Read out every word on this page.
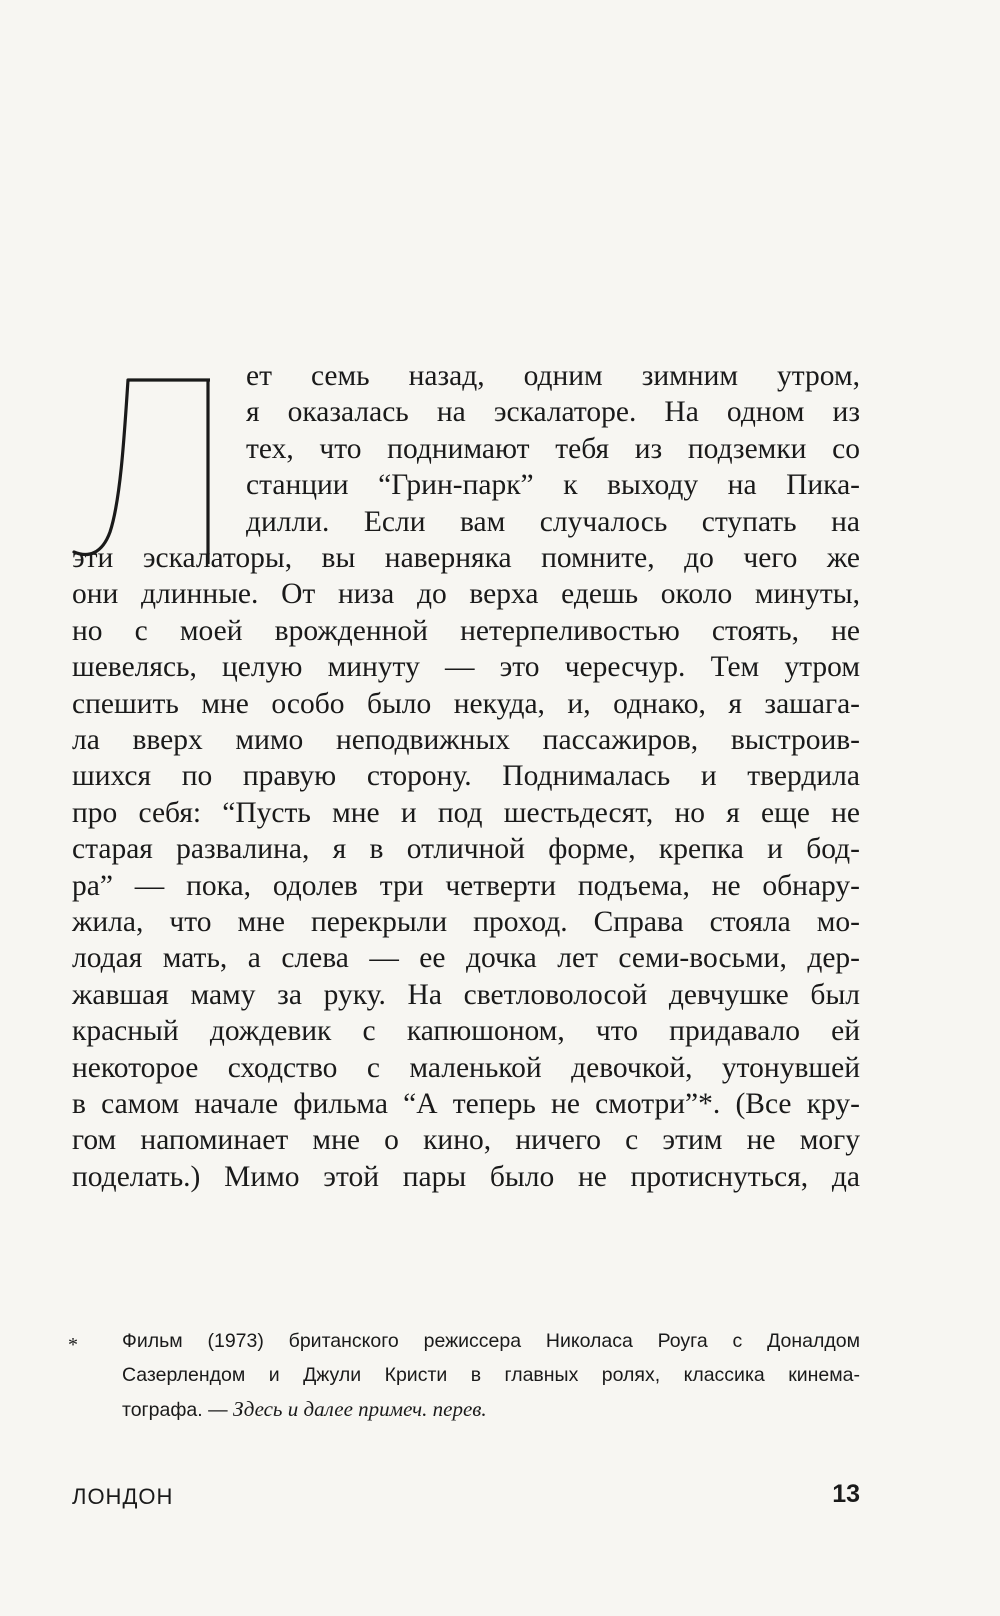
ет семь назад, одним зимним утром,
я оказалась на эскалаторе. На одном из
тех, что поднимают тебя из подземки со
станции “Грин-парк” к выходу на Пика-
дилли. Если вам случалось ступать на
эти эскалаторы, вы наверняка помните, до чего же
они длинные. От низа до верха едешь около минуты,
но с моей врожденной нетерпеливостью стоять, не
шевелясь, целую минуту — это чересчур. Тем утром
спешить мне особо было некуда, и, однако, я зашага-
ла вверх мимо неподвижных пассажиров, выстроив-
шихся по правую сторону. Поднималась и твердила
про себя: “Пусть мне и под шестьдесят, но я еще не
старая развалина, я в отличной форме, крепка и бод-
ра” — пока, одолев три четверти подъема, не обнару-
жила, что мне перекрыли проход. Справа стояла мо-
лодая мать, а слева — ее дочка лет семи-восьми, дер-
жавшая маму за руку. На светловолосой девчушке был
красный дождевик с капюшоном, что придавало ей
некоторое сходство с маленькой девочкой, утонувшей
в самом начале фильма “А теперь не смотри”*. (Все кру-
гом напоминает мне о кино, ничего с этим не могу
поделать.) Мимо этой пары было не протиснуться, да
* Фильм (1973) британского режиссера Николаса Роуга с Доналдом
Сазерлендом и Джули Кристи в главных ролях, классика кинема-
тографа. — Здесь и далее примеч. перев.
ЛОНДОН	13
